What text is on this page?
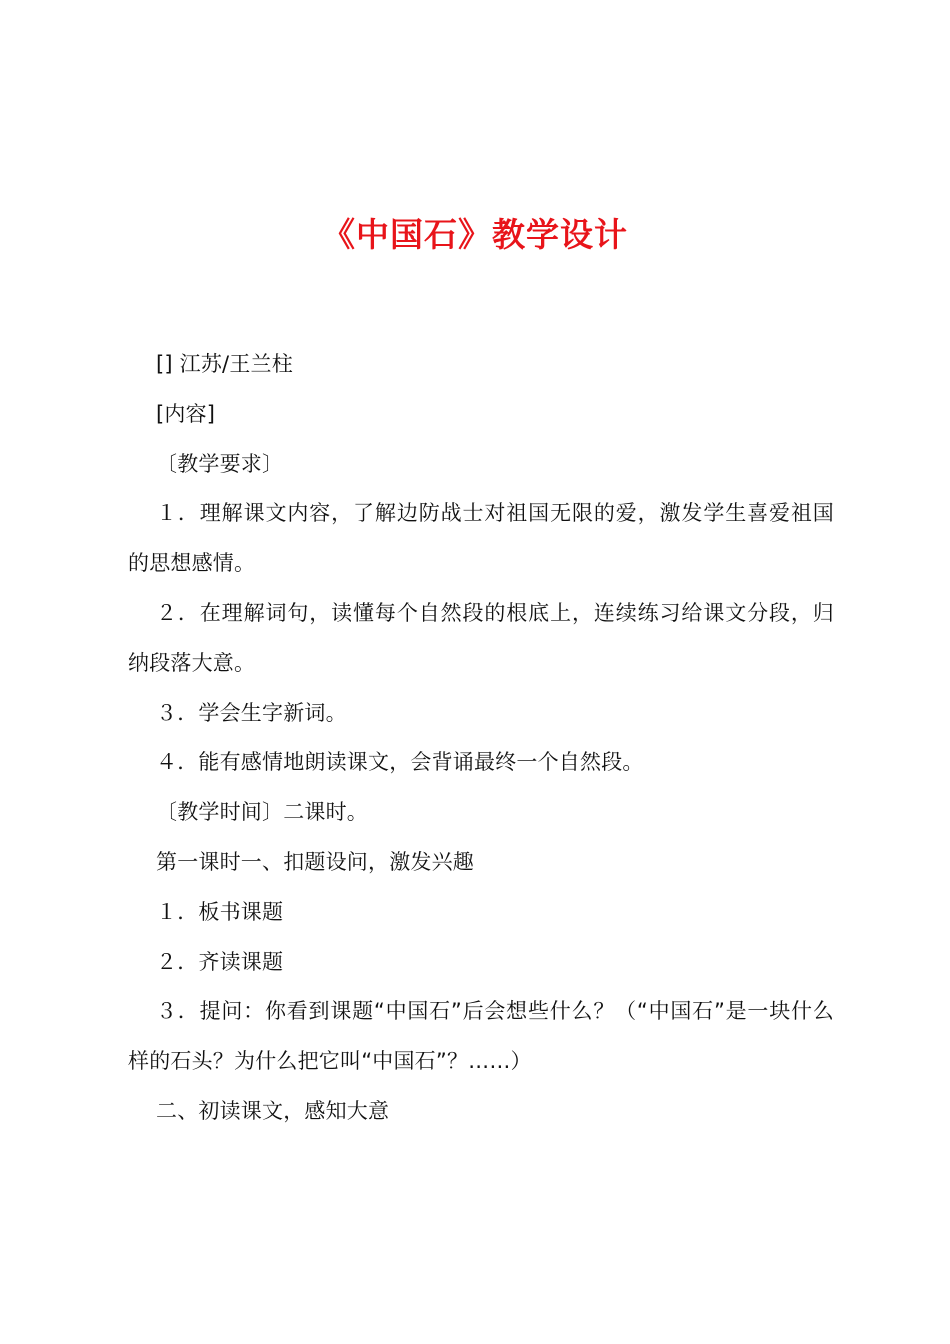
《中国石》教学设计

[] 江苏/王兰柱

[内容]

〔教学要求〕

１．理解课文内容，了解边防战士对祖国无限的爱，激发学生喜爱祖国的思想感情。

２．在理解词句，读懂每个自然段的根底上，连续练习给课文分段，归纳段落大意。

３．学会生字新词。

４．能有感情地朗读课文，会背诵最终一个自然段。

〔教学时间〕二课时。

第一课时一、扣题设问，激发兴趣

１．板书课题

２．齐读课题

３．提问：你看到课题“中国石”后会想些什么？（“中国石”是一块什么样的石头？为什么把它叫“中国石”？……）

二、初读课文，感知大意
